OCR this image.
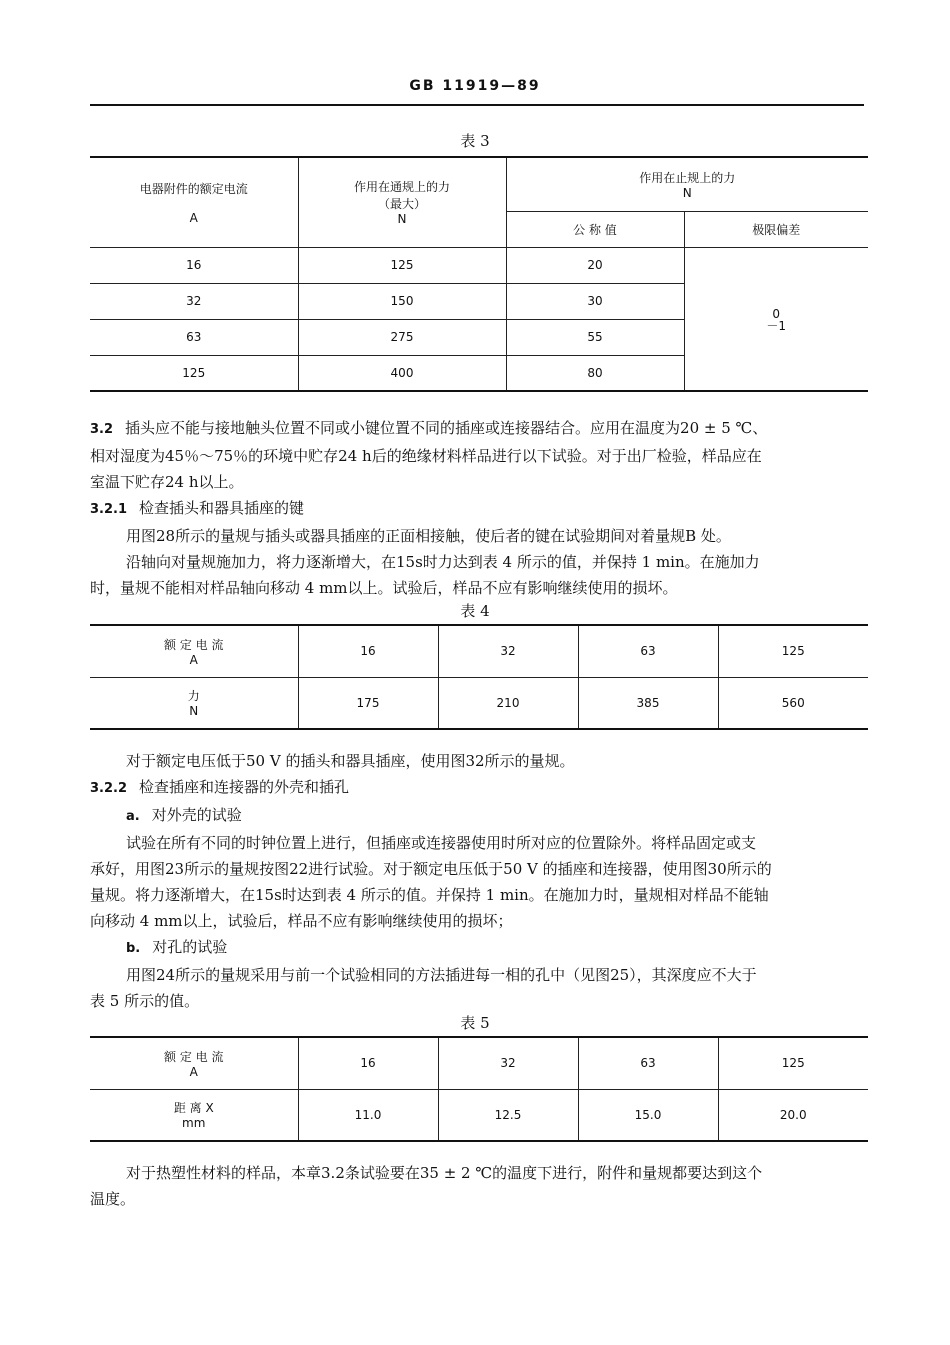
GB 11919—89
表 3
电器附件的额定电流
A	作用在通规上的力
（最大）
N	作用在止规上的力
N	

		公 称 值	极限偏差
16	125	20	0
－1

32	150	30	
63	275	55	
125	400	80	
3.2 插头应不能与接地触头位置不同或小键位置不同的插座或连接器结合。应用在温度为20 ± 5 ℃、
相对湿度为45％～75％的环境中贮存24 h后的绝缘材料样品进行以下试验。对于出厂检验，样品应在
室温下贮存24 h以上。
3.2.1 检查插头和器具插座的键
用图28所示的量规与插头或器具插座的正面相接触，使后者的键在试验期间对着量规B 处。
沿轴向对量规施加力，将力逐渐增大，在15s时力达到表 4 所示的值，并保持 1 min。在施加力
时，量规不能相对样品轴向移动 4 mm以上。试验后，样品不应有影响继续使用的损坏。
表 4
额 定 电 流
A	16	32	63	125

力
N	175	210	385	560
对于额定电压低于50 V 的插头和器具插座，使用图32所示的量规。
3.2.2 检查插座和连接器的外壳和插孔
a. 对外壳的试验
试验在所有不同的时钟位置上进行，但插座或连接器使用时所对应的位置除外。将样品固定或支
承好，用图23所示的量规按图22进行试验。对于额定电压低于50 V 的插座和连接器，使用图30所示的
量规。将力逐渐增大，在15s时达到表 4 所示的值。并保持 1 min。在施加力时，量规相对样品不能轴
向移动 4 mm以上，试验后，样品不应有影响继续使用的损坏；
b. 对孔的试验
用图24所示的量规采用与前一个试验相同的方法插进每一相的孔中（见图25），其深度应不大于
表 5 所示的值。
表 5
额 定 电 流
A	16	32	63	125

距 离 X
mm	11.0	12.5	15.0	20.0
对于热塑性材料的样品，本章3.2条试验要在35 ± 2 ℃的温度下进行，附件和量规都要达到这个
温度。
